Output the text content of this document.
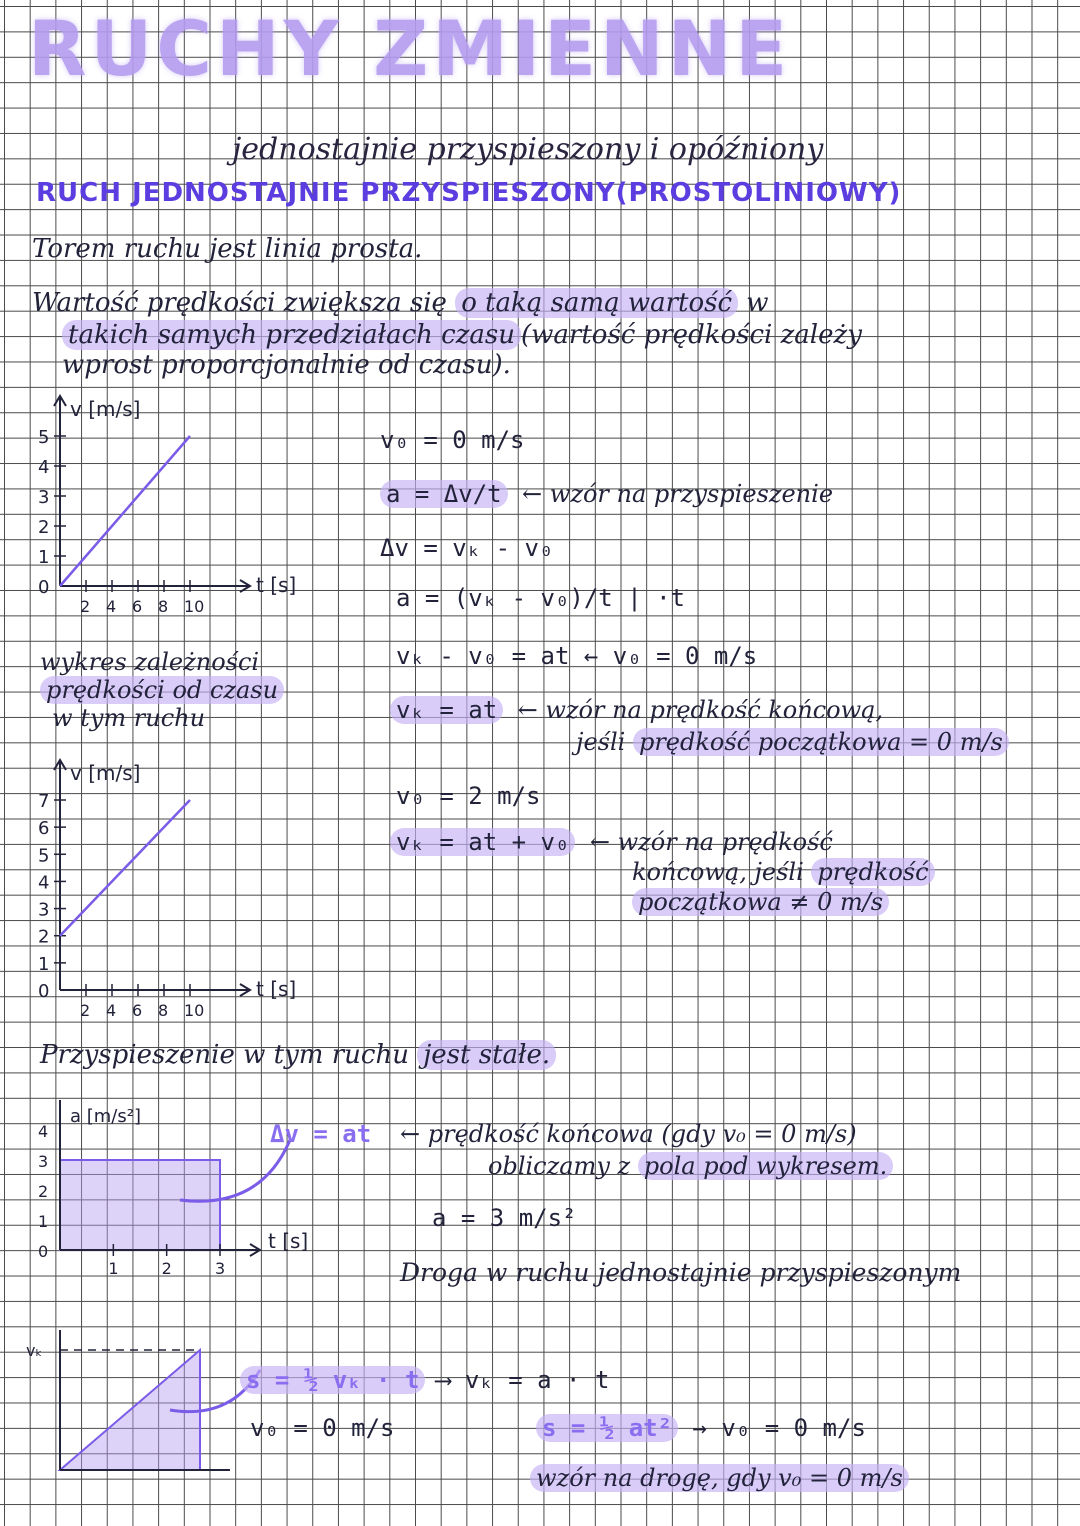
RUCHY ZMIENNE
jednostajnie przyspieszony i opóźniony
RUCH JEDNOSTAJNIE PRZYSPIESZONY(PROSTOLINIOWY)
Torem ruchu jest linia prosta.
Wartość prędkości zwiększa się o taką samą wartość w
takich samych przedziałach czasu (wartość prędkości zależy
wprost proporcjonalnie od czasu).
v [m/s]
t [s]
0
1
2
3
4
5
2 4 6 8 10
wykres zależności
prędkości od czasu
w tym ruchu
v [m/s]
t [s]
0
1
2
3
4
5
6
7
2 4 6 8 10
v₀ = 0 m/s
a = Δv/t ← wzór na przyspieszenie
Δv = vₖ - v₀
a = (vₖ - v₀)/t | ·t
vₖ - v₀ = at ← v₀ = 0 m/s
vₖ = at ← wzór na prędkość końcową,
jeśli prędkość początkowa = 0 m/s
v₀ = 2 m/s
vₖ = at + v₀ ← wzór na prędkość
końcową, jeśli prędkość
początkowa ≠ 0 m/s
Przyspieszenie w tym ruchu jest stałe.
a [m/s²]
t [s]
0
1
2
3
4
1	2	3
Δv = at ← prędkość końcowa (gdy v₀ = 0 m/s)
obliczamy z pola pod wykresem.
a = 3 m/s²
Droga w ruchu jednostajnie przyspieszonym
vₖ
s = ½ vₖ · t ⟶ vₖ = a · t
v₀ = 0 m/s	s = ½ at² → v₀ = 0 m/s
wzór na drogę, gdy v₀ = 0 m/s
